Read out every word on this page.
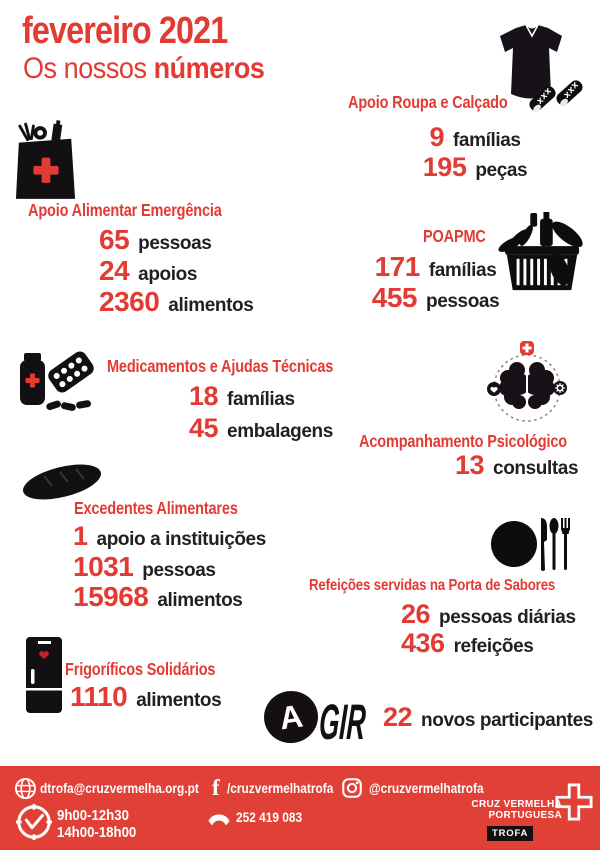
fevereiro 2021
Os nossos números
Apoio Roupa e Calçado
9 famílias
195 peças
Apoio Alimentar Emergência
65 pessoas
24 apoios
2360 alimentos
POAPMC
171 famílias
455 pessoas
Medicamentos e Ajudas Técnicas
18 famílias
45 embalagens Acompanhamento Psicológico
13 consultas
Excedentes Alimentares
1 apoio a instituições
1031 pessoas
15968 alimentos
Refeições servidas na Porta de Sabores
26 pessoas diárias
436 refeições
Frigoríficos Solidários
1110 alimentos A GIR 22 novos participantes
dtrofa@cruzvermelha.org.pt f /cruzvermelhatrofa	@cruzvermelhatrofa
9h00-12h30
14h00-18h00
252 419 083
CRUZ VERMELHA
PORTUGUESA
TROFA
